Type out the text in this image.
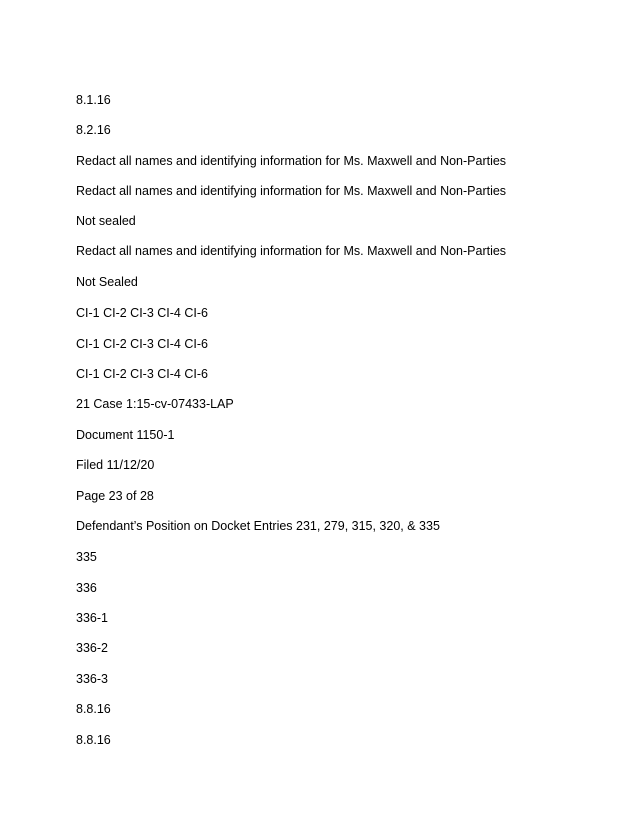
8.1.16

8.2.16

Redact all names and identifying information for Ms. Maxwell and Non-Parties

Redact all names and identifying information for Ms. Maxwell and Non-Parties

Not sealed

Redact all names and identifying information for Ms. Maxwell and Non-Parties

Not Sealed

CI-1 CI-2 CI-3 CI-4 CI-6

CI-1 CI-2 CI-3 CI-4 CI-6

CI-1 CI-2 CI-3 CI-4 CI-6

21 Case 1:15-cv-07433-LAP

Document 1150-1

Filed 11/12/20

Page 23 of 28

Defendant’s Position on Docket Entries 231, 279, 315, 320, & 335

335

336

336-1

336-2

336-3

8.8.16

8.8.16
